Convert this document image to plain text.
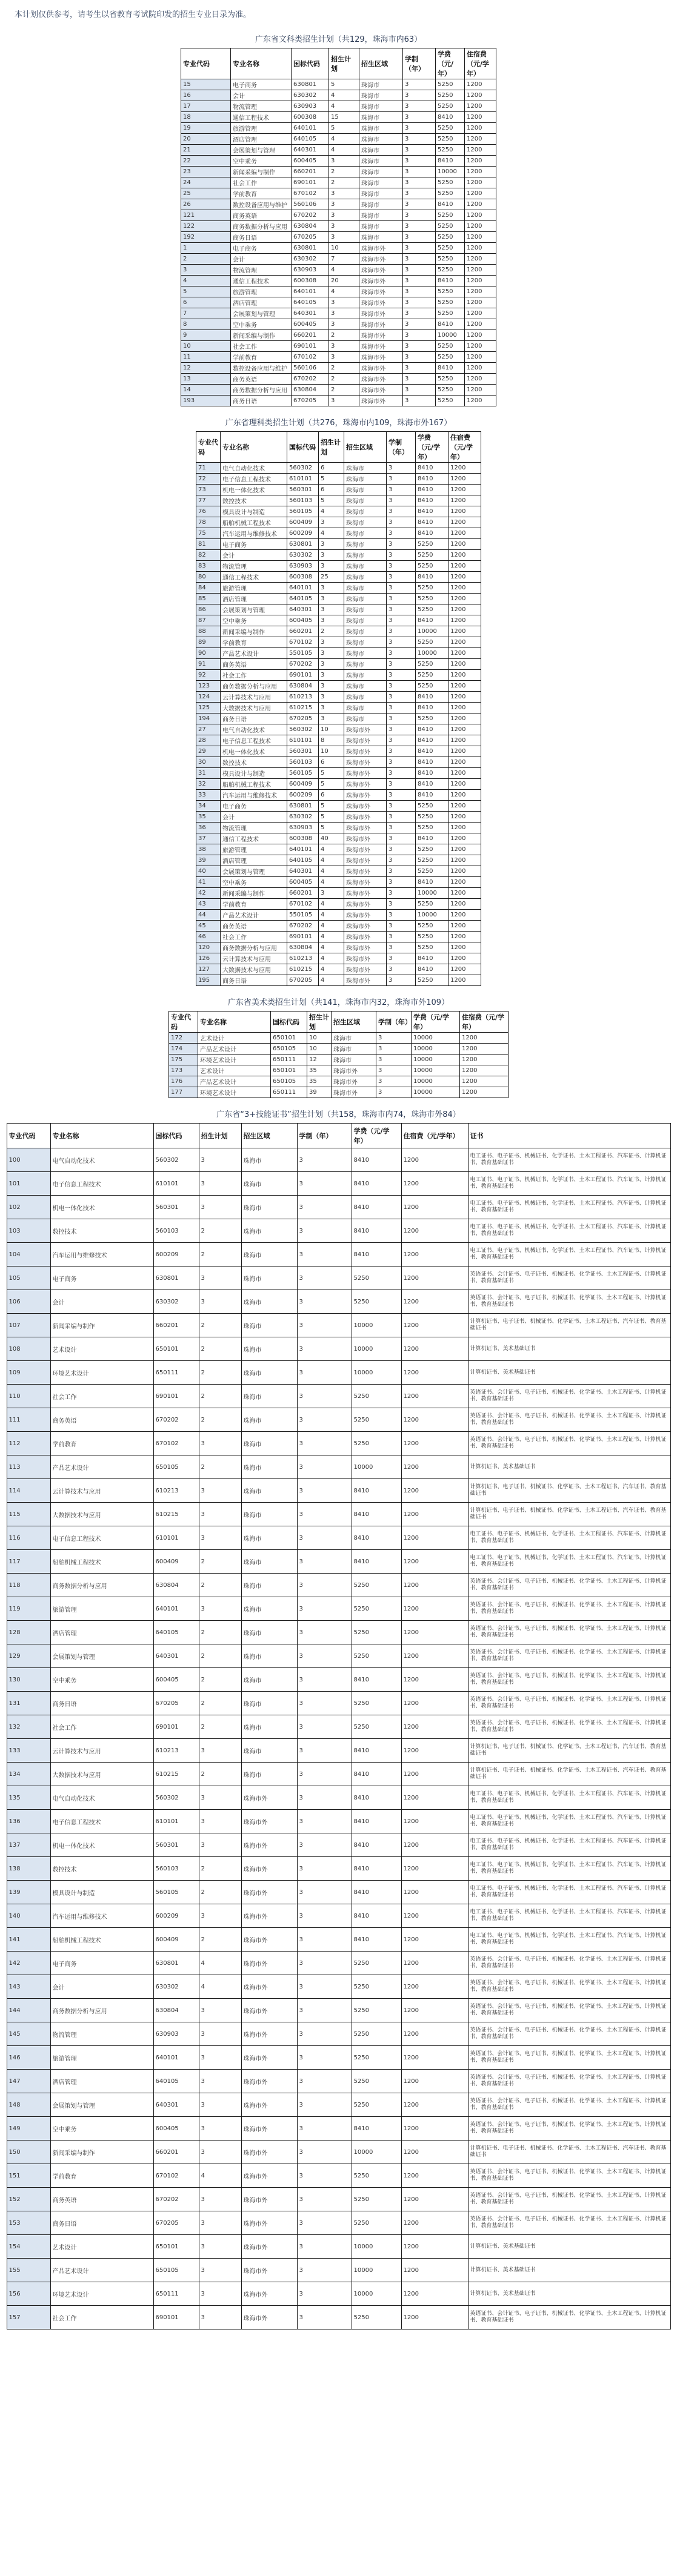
本计划仅供参考，请考生以省教育考试院印发的招生专业目录为准。
广东省文科类招生计划（共129，珠海市内63）
专业代码	专业名称	国标代码	招生计划	招生区域	学制（年）	学费（元/年）	住宿费（元/学年）
15	电子商务	630801	5	珠海市	3	5250	1200
16	会计	630302	4	珠海市	3	5250	1200
17	物流管理	630903	4	珠海市	3	5250	1200
18	通信工程技术	600308	15	珠海市	3	8410	1200
19	旅游管理	640101	5	珠海市	3	5250	1200
20	酒店管理	640105	4	珠海市	3	5250	1200
21	会展策划与管理	640301	4	珠海市	3	5250	1200
22	空中乘务	600405	3	珠海市	3	8410	1200
23	新闻采编与制作	660201	2	珠海市	3	10000	1200
24	社会工作	690101	2	珠海市	3	5250	1200
25	学前教育	670102	3	珠海市	3	5250	1200
26	数控设备应用与维护	560106	3	珠海市	3	8410	1200
121	商务英语	670202	3	珠海市	3	5250	1200
122	商务数据分析与应用	630804	3	珠海市	3	5250	1200
192	商务日语	670205	3	珠海市	3	5250	1200
1	电子商务	630801	10	珠海市外	3	5250	1200
2	会计	630302	7	珠海市外	3	5250	1200
3	物流管理	630903	4	珠海市外	3	5250	1200
4	通信工程技术	600308	20	珠海市外	3	8410	1200
5	旅游管理	640101	4	珠海市外	3	5250	1200
6	酒店管理	640105	3	珠海市外	3	5250	1200
7	会展策划与管理	640301	3	珠海市外	3	5250	1200
8	空中乘务	600405	3	珠海市外	3	8410	1200
9	新闻采编与制作	660201	2	珠海市外	3	10000	1200
10	社会工作	690101	3	珠海市外	3	5250	1200
11	学前教育	670102	3	珠海市外	3	5250	1200
12	数控设备应用与维护	560106	2	珠海市外	3	8410	1200
13	商务英语	670202	2	珠海市外	3	5250	1200
14	商务数据分析与应用	630804	2	珠海市外	3	5250	1200
193	商务日语	670205	3	珠海市外	3	5250	1200
广东省理科类招生计划（共276，珠海市内109，珠海市外167）
专业代码	专业名称	国标代码	招生计划	招生区域	学制（年）	学费（元/学年）	住宿费（元/学年）
71	电气自动化技术	560302	6	珠海市	3	8410	1200
72	电子信息工程技术	610101	5	珠海市	3	8410	1200
73	机电一体化技术	560301	6	珠海市	3	8410	1200
77	数控技术	560103	5	珠海市	3	8410	1200
76	模具设计与制造	560105	4	珠海市	3	8410	1200
78	船舶机械工程技术	600409	3	珠海市	3	8410	1200
75	汽车运用与维修技术	600209	4	珠海市	3	8410	1200
81	电子商务	630801	3	珠海市	3	5250	1200
82	会计	630302	3	珠海市	3	5250	1200
83	物流管理	630903	3	珠海市	3	5250	1200
80	通信工程技术	600308	25	珠海市	3	8410	1200
84	旅游管理	640101	3	珠海市	3	5250	1200
85	酒店管理	640105	3	珠海市	3	5250	1200
86	会展策划与管理	640301	3	珠海市	3	5250	1200
87	空中乘务	600405	3	珠海市	3	8410	1200
88	新闻采编与制作	660201	2	珠海市	3	10000	1200
89	学前教育	670102	3	珠海市	3	5250	1200
90	产品艺术设计	550105	3	珠海市	3	10000	1200
91	商务英语	670202	3	珠海市	3	5250	1200
92	社会工作	690101	3	珠海市	3	5250	1200
123	商务数据分析与应用	630804	3	珠海市	3	5250	1200
124	云计算技术与应用	610213	3	珠海市	3	8410	1200
125	大数据技术与应用	610215	3	珠海市	3	8410	1200
194	商务日语	670205	3	珠海市	3	5250	1200
27	电气自动化技术	560302	10	珠海市外	3	8410	1200
28	电子信息工程技术	610101	8	珠海市外	3	8410	1200
29	机电一体化技术	560301	10	珠海市外	3	8410	1200
30	数控技术	560103	6	珠海市外	3	8410	1200
31	模具设计与制造	560105	5	珠海市外	3	8410	1200
32	船舶机械工程技术	600409	5	珠海市外	3	8410	1200
33	汽车运用与维修技术	600209	6	珠海市外	3	8410	1200
34	电子商务	630801	5	珠海市外	3	5250	1200
35	会计	630302	5	珠海市外	3	5250	1200
36	物流管理	630903	5	珠海市外	3	5250	1200
37	通信工程技术	600308	40	珠海市外	3	8410	1200
38	旅游管理	640101	4	珠海市外	3	5250	1200
39	酒店管理	640105	4	珠海市外	3	5250	1200
40	会展策划与管理	640301	4	珠海市外	3	5250	1200
41	空中乘务	600405	4	珠海市外	3	8410	1200
42	新闻采编与制作	660201	3	珠海市外	3	10000	1200
43	学前教育	670102	4	珠海市外	3	5250	1200
44	产品艺术设计	550105	4	珠海市外	3	10000	1200
45	商务英语	670202	4	珠海市外	3	5250	1200
46	社会工作	690101	4	珠海市外	3	5250	1200
120	商务数据分析与应用	630804	4	珠海市外	3	5250	1200
126	云计算技术与应用	610213	4	珠海市外	3	8410	1200
127	大数据技术与应用	610215	4	珠海市外	3	8410	1200
195	商务日语	670205	4	珠海市外	3	5250	1200
广东省美术类招生计划（共141，珠海市内32，珠海市外109）
专业代码	专业名称	国标代码	招生计划	招生区域	学制（年）	学费（元/学年）	住宿费（元/学年）
172	艺术设计	650101	10	珠海市	3	10000	1200
174	产品艺术设计	650105	10	珠海市	3	10000	1200
175	环境艺术设计	650111	12	珠海市	3	10000	1200
173	艺术设计	650101	35	珠海市外	3	10000	1200
176	产品艺术设计	650105	35	珠海市外	3	10000	1200
177	环境艺术设计	650111	39	珠海市外	3	10000	1200
广东省“3+技能证书”招生计划（共158，珠海市内74，珠海市外84）
专业代码	专业名称	国标代码	招生计划	招生区域	学制（年）	学费（元/学年）	住宿费（元/学年）	证书
100	电气自动化技术	560302	3	珠海市	3	8410	1200	电工证书、电子证书、机械证书、化学证书、土木工程证书、汽车证书、计算机证书、教育基础证书
101	电子信息工程技术	610101	3	珠海市	3	8410	1200	电工证书、电子证书、机械证书、化学证书、土木工程证书、汽车证书、计算机证书、教育基础证书
102	机电一体化技术	560301	3	珠海市	3	8410	1200	电工证书、电子证书、机械证书、化学证书、土木工程证书、汽车证书、计算机证书、教育基础证书
103	数控技术	560103	2	珠海市	3	8410	1200	电工证书、电子证书、机械证书、化学证书、土木工程证书、汽车证书、计算机证书、教育基础证书
104	汽车运用与维修技术	600209	2	珠海市	3	8410	1200	电工证书、电子证书、机械证书、化学证书、土木工程证书、汽车证书、计算机证书、教育基础证书
105	电子商务	630801	3	珠海市	3	5250	1200	英语证书、会计证书、电子证书、机械证书、化学证书、土木工程证书、计算机证书、教育基础证书
106	会计	630302	3	珠海市	3	5250	1200	英语证书、会计证书、电子证书、机械证书、化学证书、土木工程证书、计算机证书、教育基础证书
107	新闻采编与制作	660201	2	珠海市	3	10000	1200	计算机证书、电子证书、机械证书、化学证书、土木工程证书、汽车证书、教育基础证书
108	艺术设计	650101	2	珠海市	3	10000	1200	计算机证书、美术基础证书
109	环境艺术设计	650111	2	珠海市	3	10000	1200	计算机证书、美术基础证书
110	社会工作	690101	2	珠海市	3	5250	1200	英语证书、会计证书、电子证书、机械证书、化学证书、土木工程证书、计算机证书、教育基础证书
111	商务英语	670202	2	珠海市	3	5250	1200	英语证书、会计证书、电子证书、机械证书、化学证书、土木工程证书、计算机证书、教育基础证书
112	学前教育	670102	3	珠海市	3	5250	1200	英语证书、会计证书、电子证书、机械证书、化学证书、土木工程证书、计算机证书、教育基础证书
113	产品艺术设计	650105	2	珠海市	3	10000	1200	计算机证书、美术基础证书
114	云计算技术与应用	610213	3	珠海市	3	8410	1200	计算机证书、电子证书、机械证书、化学证书、土木工程证书、汽车证书、教育基础证书
115	大数据技术与应用	610215	3	珠海市	3	8410	1200	计算机证书、电子证书、机械证书、化学证书、土木工程证书、汽车证书、教育基础证书
116	电子信息工程技术	610101	3	珠海市	3	8410	1200	电工证书、电子证书、机械证书、化学证书、土木工程证书、汽车证书、计算机证书、教育基础证书
117	船舶机械工程技术	600409	2	珠海市	3	8410	1200	电工证书、电子证书、机械证书、化学证书、土木工程证书、汽车证书、计算机证书、教育基础证书
118	商务数据分析与应用	630804	2	珠海市	3	5250	1200	英语证书、会计证书、电子证书、机械证书、化学证书、土木工程证书、计算机证书、教育基础证书
119	旅游管理	640101	3	珠海市	3	5250	1200	英语证书、会计证书、电子证书、机械证书、化学证书、土木工程证书、计算机证书、教育基础证书
128	酒店管理	640105	2	珠海市	3	5250	1200	英语证书、会计证书、电子证书、机械证书、化学证书、土木工程证书、计算机证书、教育基础证书
129	会展策划与管理	640301	2	珠海市	3	5250	1200	英语证书、会计证书、电子证书、机械证书、化学证书、土木工程证书、计算机证书、教育基础证书
130	空中乘务	600405	2	珠海市	3	8410	1200	英语证书、会计证书、电子证书、机械证书、化学证书、土木工程证书、计算机证书、教育基础证书
131	商务日语	670205	2	珠海市	3	5250	1200	英语证书、会计证书、电子证书、机械证书、化学证书、土木工程证书、计算机证书、教育基础证书
132	社会工作	690101	2	珠海市	3	5250	1200	英语证书、会计证书、电子证书、机械证书、化学证书、土木工程证书、计算机证书、教育基础证书
133	云计算技术与应用	610213	3	珠海市	3	8410	1200	计算机证书、电子证书、机械证书、化学证书、土木工程证书、汽车证书、教育基础证书
134	大数据技术与应用	610215	2	珠海市	3	8410	1200	计算机证书、电子证书、机械证书、化学证书、土木工程证书、汽车证书、教育基础证书
135	电气自动化技术	560302	3	珠海市外	3	8410	1200	电工证书、电子证书、机械证书、化学证书、土木工程证书、汽车证书、计算机证书、教育基础证书
136	电子信息工程技术	610101	3	珠海市外	3	8410	1200	电工证书、电子证书、机械证书、化学证书、土木工程证书、汽车证书、计算机证书、教育基础证书
137	机电一体化技术	560301	3	珠海市外	3	8410	1200	电工证书、电子证书、机械证书、化学证书、土木工程证书、汽车证书、计算机证书、教育基础证书
138	数控技术	560103	2	珠海市外	3	8410	1200	电工证书、电子证书、机械证书、化学证书、土木工程证书、汽车证书、计算机证书、教育基础证书
139	模具设计与制造	560105	2	珠海市外	3	8410	1200	电工证书、电子证书、机械证书、化学证书、土木工程证书、汽车证书、计算机证书、教育基础证书
140	汽车运用与维修技术	600209	3	珠海市外	3	8410	1200	电工证书、电子证书、机械证书、化学证书、土木工程证书、汽车证书、计算机证书、教育基础证书
141	船舶机械工程技术	600409	2	珠海市外	3	8410	1200	电工证书、电子证书、机械证书、化学证书、土木工程证书、汽车证书、计算机证书、教育基础证书
142	电子商务	630801	4	珠海市外	3	5250	1200	英语证书、会计证书、电子证书、机械证书、化学证书、土木工程证书、计算机证书、教育基础证书
143	会计	630302	4	珠海市外	3	5250	1200	英语证书、会计证书、电子证书、机械证书、化学证书、土木工程证书、计算机证书、教育基础证书
144	商务数据分析与应用	630804	3	珠海市外	3	5250	1200	英语证书、会计证书、电子证书、机械证书、化学证书、土木工程证书、计算机证书、教育基础证书
145	物流管理	630903	3	珠海市外	3	5250	1200	英语证书、会计证书、电子证书、机械证书、化学证书、土木工程证书、计算机证书、教育基础证书
146	旅游管理	640101	3	珠海市外	3	5250	1200	英语证书、会计证书、电子证书、机械证书、化学证书、土木工程证书、计算机证书、教育基础证书
147	酒店管理	640105	3	珠海市外	3	5250	1200	英语证书、会计证书、电子证书、机械证书、化学证书、土木工程证书、计算机证书、教育基础证书
148	会展策划与管理	640301	3	珠海市外	3	5250	1200	英语证书、会计证书、电子证书、机械证书、化学证书、土木工程证书、计算机证书、教育基础证书
149	空中乘务	600405	3	珠海市外	3	8410	1200	英语证书、会计证书、电子证书、机械证书、化学证书、土木工程证书、计算机证书、教育基础证书
150	新闻采编与制作	660201	3	珠海市外	3	10000	1200	计算机证书、电子证书、机械证书、化学证书、土木工程证书、汽车证书、教育基础证书
151	学前教育	670102	4	珠海市外	3	5250	1200	英语证书、会计证书、电子证书、机械证书、化学证书、土木工程证书、计算机证书、教育基础证书
152	商务英语	670202	3	珠海市外	3	5250	1200	英语证书、会计证书、电子证书、机械证书、化学证书、土木工程证书、计算机证书、教育基础证书
153	商务日语	670205	3	珠海市外	3	5250	1200	英语证书、会计证书、电子证书、机械证书、化学证书、土木工程证书、计算机证书、教育基础证书
154	艺术设计	650101	3	珠海市外	3	10000	1200	计算机证书、美术基础证书
155	产品艺术设计	650105	3	珠海市外	3	10000	1200	计算机证书、美术基础证书
156	环境艺术设计	650111	3	珠海市外	3	10000	1200	计算机证书、美术基础证书
157	社会工作	690101	3	珠海市外	3	5250	1200	英语证书、会计证书、电子证书、机械证书、化学证书、土木工程证书、计算机证书、教育基础证书
